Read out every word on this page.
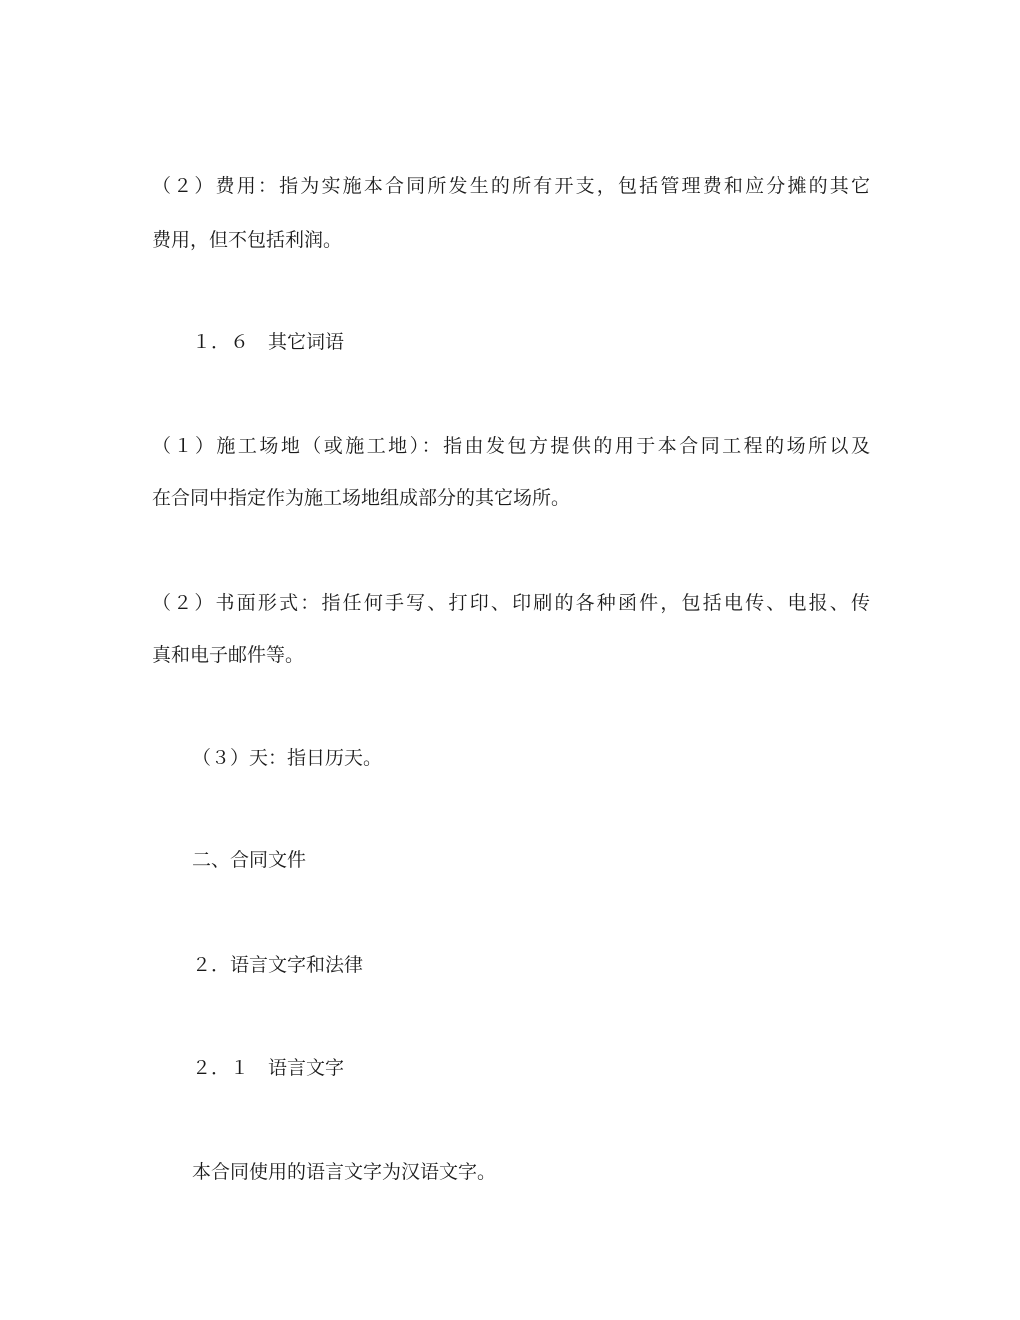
（２）费用：指为实施本合同所发生的所有开支，包括管理费和应分摊的其它
费用，但不包括利润。
１．６　其它词语
（１）施工场地（或施工地）：指由发包方提供的用于本合同工程的场所以及
在合同中指定作为施工场地组成部分的其它场所。
（２）书面形式：指任何手写、打印、印刷的各种函件，包括电传、电报、传
真和电子邮件等。
（３）天：指日历天。
二、合同文件
２．语言文字和法律
２．１　语言文字
本合同使用的语言文字为汉语文字。
